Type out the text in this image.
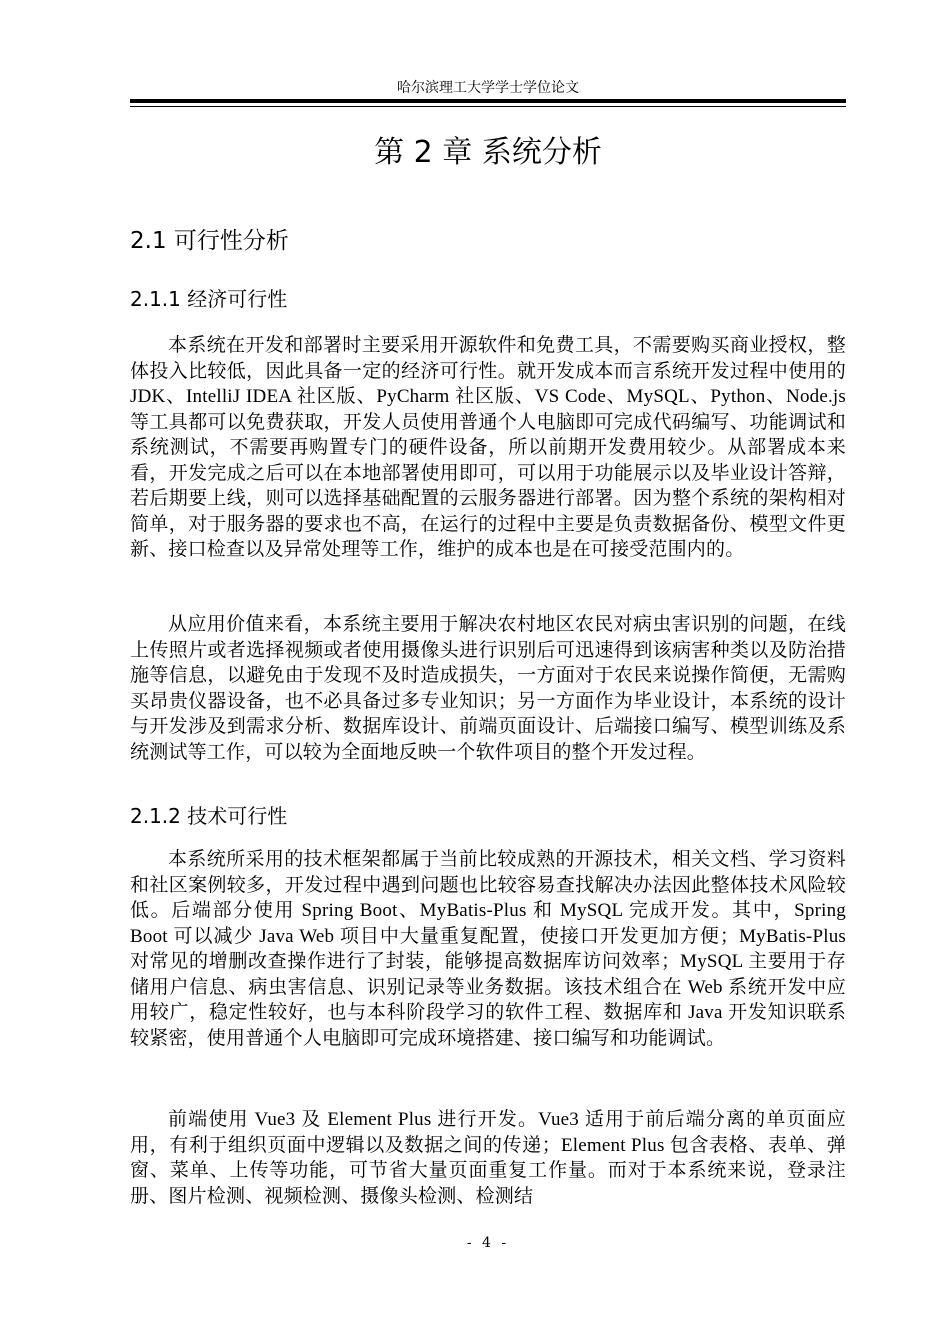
哈尔滨理工大学学士学位论文
第 2 章 系统分析
2.1 可行性分析
2.1.1 经济可行性

本系统在开发和部署时主要采用开源软件和免费工具，不需要购买商业授权，整体投入比较低，因此具备一定的经济可行性。就开发成本而言系统开发过程中使用的 JDK、IntelliJ IDEA 社区版、PyCharm 社区版、VS Code、MySQL、Python、Node.js 等工具都可以免费获取，开发人员使用普通个人电脑即可完成代码编写、功能调试和系统测试，不需要再购置专门的硬件设备，所以前期开发费用较少。从部署成本来看，开发完成之后可以在本地部署使用即可，可以用于功能展示以及毕业设计答辩，若后期要上线，则可以选择基础配置的云服务器进行部署。因为整个系统的架构相对简单，对于服务器的要求也不高，在运行的过程中主要是负责数据备份、模型文件更新、接口检查以及异常处理等工作，维护的成本也是在可接受范围内的。

从应用价值来看，本系统主要用于解决农村地区农民对病虫害识别的问题，在线上传照片或者选择视频或者使用摄像头进行识别后可迅速得到该病害种类以及防治措施等信息，以避免由于发现不及时造成损失，一方面对于农民来说操作简便，无需购买昂贵仪器设备，也不必具备过多专业知识；另一方面作为毕业设计，本系统的设计与开发涉及到需求分析、数据库设计、前端页面设计、后端接口编写、模型训练及系统测试等工作，可以较为全面地反映一个软件项目的整个开发过程。

2.1.2 技术可行性

本系统所采用的技术框架都属于当前比较成熟的开源技术，相关文档、学习资料和社区案例较多，开发过程中遇到问题也比较容易查找解决办法因此整体技术风险较低。后端部分使用 Spring Boot、MyBatis-Plus 和 MySQL 完成开发。其中，Spring Boot 可以减少 Java Web 项目中大量重复配置，使接口开发更加方便；MyBatis-Plus 对常见的增删改查操作进行了封装，能够提高数据库访问效率；MySQL 主要用于存储用户信息、病虫害信息、识别记录等业务数据。该技术组合在 Web 系统开发中应用较广，稳定性较好，也与本科阶段学习的软件工程、数据库和 Java 开发知识联系较紧密，使用普通个人电脑即可完成环境搭建、接口编写和功能调试。

前端使用 Vue3 及 Element Plus 进行开发。Vue3 适用于前后端分离的单页面应用，有利于组织页面中逻辑以及数据之间的传递；Element Plus 包含表格、表单、弹窗、菜单、上传等功能，可节省大量页面重复工作量。而对于本系统来说，登录注册、图片检测、视频检测、摄像头检测、检测结

- 4 -
